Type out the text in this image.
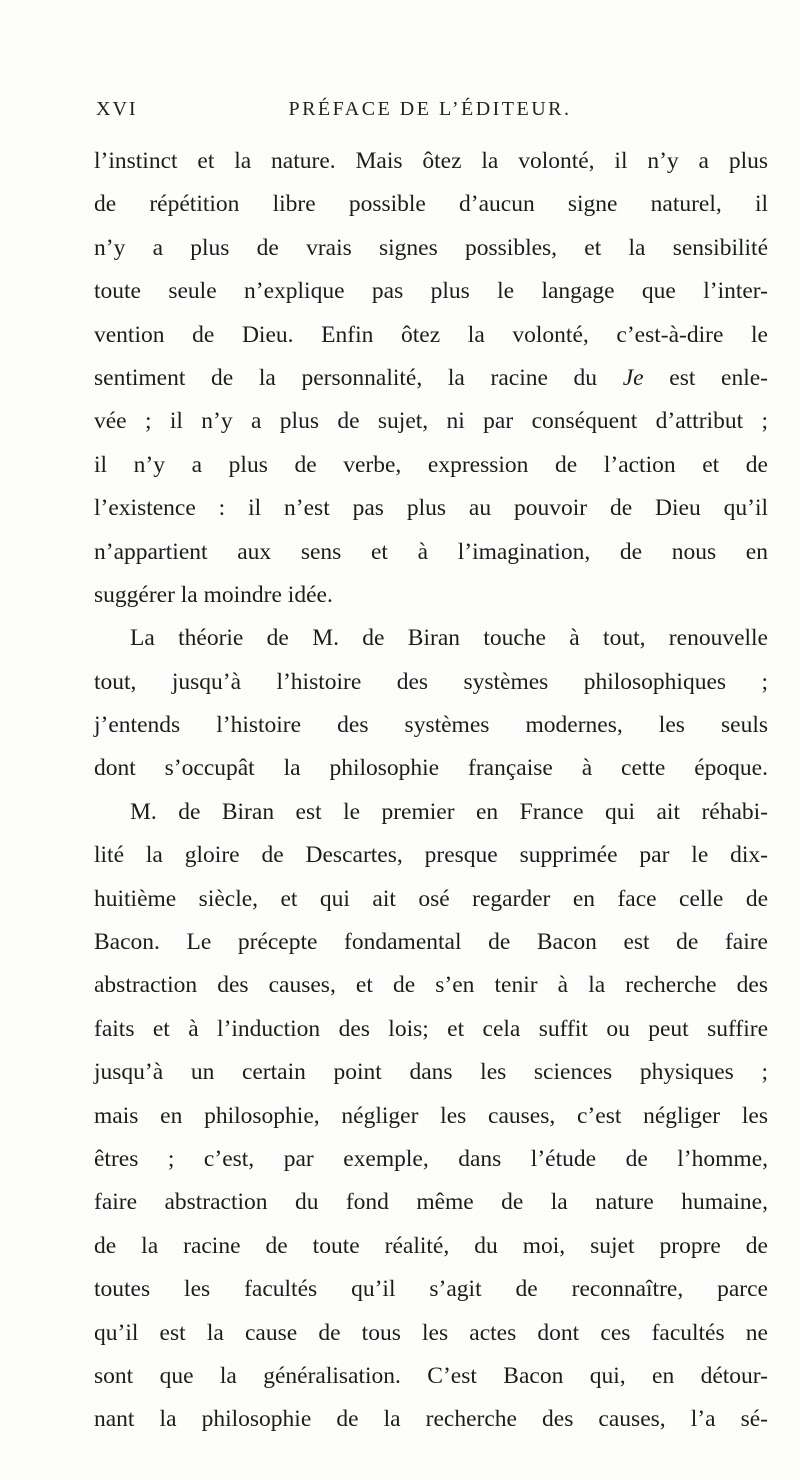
XVI	PRÉFACE DE L’ÉDITEUR.
l’instinct et la nature. Mais ôtez la volonté, il n’y a plus
de répétition libre possible d’aucun signe naturel, il
n’y a plus de vrais signes possibles, et la sensibilité
toute seule n’explique pas plus le langage que l’inter-
vention de Dieu. Enfin ôtez la volonté, c’est-à-dire le
sentiment de la personnalité, la racine du Je est enle-
vée ; il n’y a plus de sujet, ni par conséquent d’attribut ;
il n’y a plus de verbe, expression de l’action et de
l’existence : il n’est pas plus au pouvoir de Dieu qu’il
n’appartient aux sens et à l’imagination, de nous en
suggérer la moindre idée.
La théorie de M. de Biran touche à tout, renouvelle
tout, jusqu’à l’histoire des systèmes philosophiques ;
j’entends l’histoire des systèmes modernes, les seuls
dont s’occupât la philosophie française à cette époque.
M. de Biran est le premier en France qui ait réhabi-
lité la gloire de Descartes, presque supprimée par le dix-
huitième siècle, et qui ait osé regarder en face celle de
Bacon. Le précepte fondamental de Bacon est de faire
abstraction des causes, et de s’en tenir à la recherche des
faits et à l’induction des lois; et cela suffit ou peut suffire
jusqu’à un certain point dans les sciences physiques ;
mais en philosophie, négliger les causes, c’est négliger les
êtres ; c’est, par exemple, dans l’étude de l’homme,
faire abstraction du fond même de la nature humaine,
de la racine de toute réalité, du moi, sujet propre de
toutes les facultés qu’il s’agit de reconnaître, parce
qu’il est la cause de tous les actes dont ces facultés ne
sont que la généralisation. C’est Bacon qui, en détour-
nant la philosophie de la recherche des causes, l’a sé-
